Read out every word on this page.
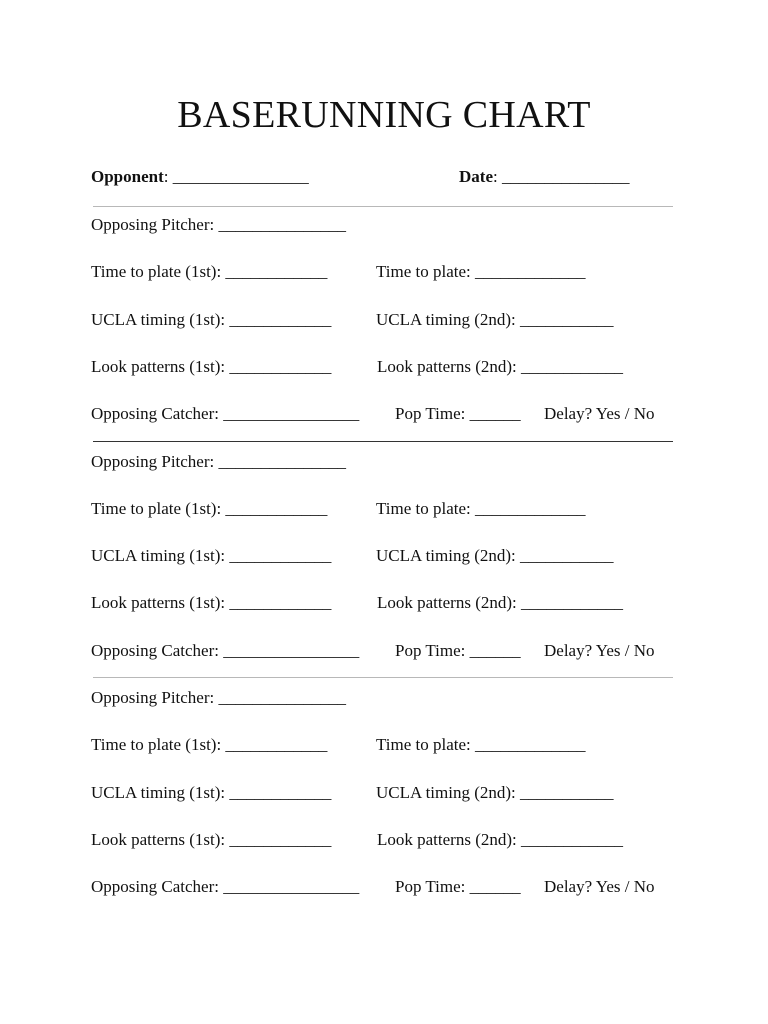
BASERUNNING CHART
Opponent: ________________	Date: _______________
Opposing Pitcher: _______________
Time to plate (1st): ____________	Time to plate: _____________
UCLA timing (1st): ____________	UCLA timing (2nd): ___________
Look patterns (1st): ____________	Look patterns (2nd): ____________
Opposing Catcher: ________________ Pop Time: ______ Delay? Yes / No
Opposing Pitcher: _______________
Time to plate (1st): ____________	Time to plate: _____________
UCLA timing (1st): ____________	UCLA timing (2nd): ___________
Look patterns (1st): ____________	Look patterns (2nd): ____________
Opposing Catcher: ________________ Pop Time: ______ Delay? Yes / No
Opposing Pitcher: _______________
Time to plate (1st): ____________	Time to plate: _____________
UCLA timing (1st): ____________	UCLA timing (2nd): ___________
Look patterns (1st): ____________	Look patterns (2nd): ____________
Opposing Catcher: ________________ Pop Time: ______ Delay? Yes / No
